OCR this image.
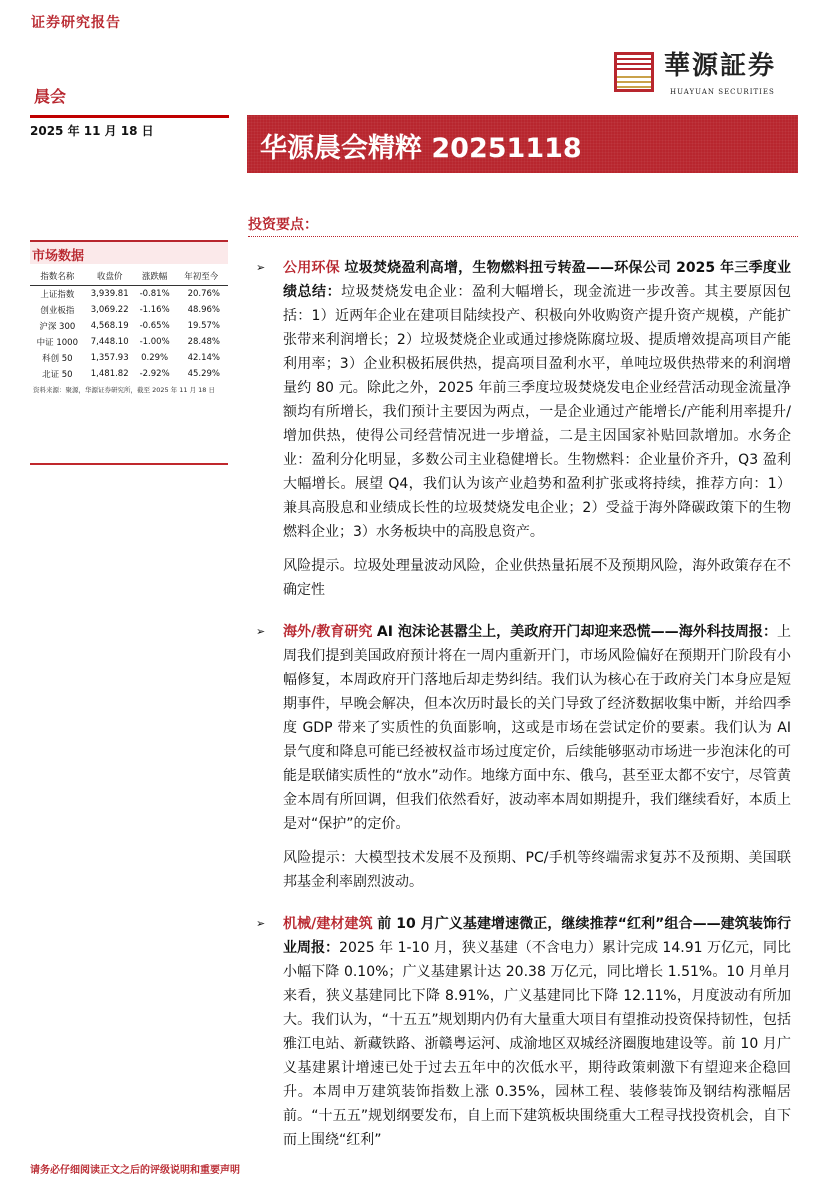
证券研究报告
晨会
2025 年 11 月 18 日
華源証券
HUAYUAN SECURITIES
华源晨会精粹 20251118
投资要点：
市场数据
指数名称	收盘价	涨跌幅	年初至今
上证指数	3,939.81	-0.81%	20.76%
创业板指	3,069.22	-1.16%	48.96%
沪深 300	4,568.19	-0.65%	19.57%
中证 1000	7,448.10	-1.00%	28.48%
科创 50	1,357.93	0.29%	42.14%
北证 50	1,481.82	-2.92%	45.29%
资料来源：聚源，华源证券研究所，截至 2025 年 11 月 18 日
➢ 公用环保 垃圾焚烧盈利高增，生物燃料扭亏转盈——环保公司 2025 年三季度业绩总结：垃圾焚烧发电企业：盈利大幅增长，现金流进一步改善。其主要原因包括：1）近两年企业在建项目陆续投产、积极向外收购资产提升资产规模，产能扩张带来利润增长；2）垃圾焚烧企业或通过掺烧陈腐垃圾、提质增效提高项目产能利用率；3）企业积极拓展供热，提高项目盈利水平，单吨垃圾供热带来的利润增量约 80 元。除此之外，2025 年前三季度垃圾焚烧发电企业经营活动现金流量净额均有所增长，我们预计主要因为两点，一是企业通过产能增长/产能利用率提升/增加供热，使得公司经营情况进一步增益，二是主因国家补贴回款增加。水务企业：盈利分化明显，多数公司主业稳健增长。生物燃料：企业量价齐升，Q3 盈利大幅增长。展望 Q4，我们认为该产业趋势和盈利扩张或将持续，推荐方向：1）兼具高股息和业绩成长性的垃圾焚烧发电企业；2）受益于海外降碳政策下的生物燃料企业；3）水务板块中的高股息资产。
风险提示。垃圾处理量波动风险，企业供热量拓展不及预期风险，海外政策存在不确定性
➢ 海外/教育研究 AI 泡沫论甚嚣尘上，美政府开门却迎来恐慌——海外科技周报：上周我们提到美国政府预计将在一周内重新开门，市场风险偏好在预期开门阶段有小幅修复，本周政府开门落地后却走势纠结。我们认为核心在于政府关门本身应是短期事件，早晚会解决，但本次历时最长的关门导致了经济数据收集中断，并给四季度 GDP 带来了实质性的负面影响，这或是市场在尝试定价的要素。我们认为 AI 景气度和降息可能已经被权益市场过度定价，后续能够驱动市场进一步泡沫化的可能是联储实质性的“放水”动作。地缘方面中东、俄乌，甚至亚太都不安宁，尽管黄金本周有所回调，但我们依然看好，波动率本周如期提升，我们继续看好，本质上是对“保护”的定价。
风险提示：大模型技术发展不及预期、PC/手机等终端需求复苏不及预期、美国联邦基金利率剧烈波动。
➢ 机械/建材建筑 前 10 月广义基建增速微正，继续推荐“红利”组合——建筑装饰行业周报：2025 年 1-10 月，狭义基建（不含电力）累计完成 14.91 万亿元，同比小幅下降 0.10%；广义基建累计达 20.38 万亿元，同比增长 1.51%。10 月单月来看，狭义基建同比下降 8.91%，广义基建同比下降 12.11%，月度波动有所加大。我们认为，“十五五”规划期内仍有大量重大项目有望推动投资保持韧性，包括雅江电站、新藏铁路、浙赣粤运河、成渝地区双城经济圈腹地建设等。前 10 月广义基建累计增速已处于过去五年中的次低水平，期待政策刺激下有望迎来企稳回升。本周申万建筑装饰指数上涨 0.35%，园林工程、装修装饰及钢结构涨幅居前。“十五五”规划纲要发布，自上而下建筑板块围绕重大工程寻找投资机会，自下而上围绕“红利”
请务必仔细阅读正文之后的评级说明和重要声明
